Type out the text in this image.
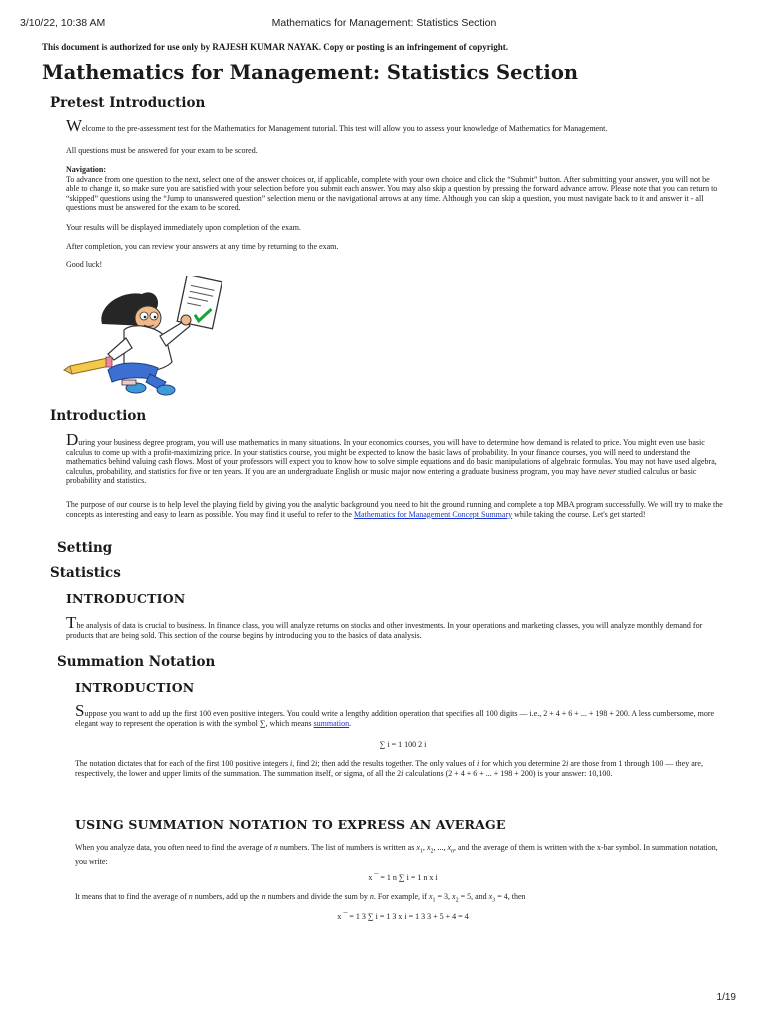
3/10/22, 10:38 AM	Mathematics for Management: Statistics Section
This document is authorized for use only by RAJESH KUMAR NAYAK. Copy or posting is an infringement of copyright.
Mathematics for Management: Statistics Section
Pretest Introduction

Welcome to the pre-assessment test for the Mathematics for Management tutorial. This test will allow you to assess your knowledge of Mathematics for Management.

All questions must be answered for your exam to be scored.

Navigation:
To advance from one question to the next, select one of the answer choices or, if applicable, complete with your own choice and click the “Submit” button. After submitting your answer, you will not be able to change it, so make sure you are satisfied with your selection before you submit each answer. You may also skip a question by pressing the forward advance arrow. Please note that you can return to “skipped” questions using the “Jump to unanswered question” selection menu or the navigational arrows at any time. Although you can skip a question, you must navigate back to it and answer it - all questions must be answered for the exam to be scored.

Your results will be displayed immediately upon completion of the exam.

After completion, you can review your answers at any time by returning to the exam.

Good luck!

Introduction

During your business degree program, you will use mathematics in many situations. In your economics courses, you will have to determine how demand is related to price. You might even use basic calculus to come up with a profit-maximizing price. In your statistics course, you might be expected to know the basic laws of probability. In your finance courses, you will need to understand the mathematics behind valuing cash flows. Most of your professors will expect you to know how to solve simple equations and do basic manipulations of algebraic formulas. You may not have used algebra, calculus, probability, and statistics for five or ten years. If you are an undergraduate English or music major now entering a graduate business program, you may have never studied calculus or basic probability and statistics.

The purpose of our course is to help level the playing field by giving you the analytic background you need to hit the ground running and complete a top MBA program successfully. We will try to make the concepts as interesting and easy to learn as possible. You may find it useful to refer to the Mathematics for Management Concept Summary while taking the course. Let's get started!

Setting
Statistics
INTRODUCTION

The analysis of data is crucial to business. In finance class, you will analyze returns on stocks and other investments. In your operations and marketing classes, you will analyze monthly demand for products that are being sold. This section of the course begins by introducing you to the basics of data analysis.

Summation Notation
INTRODUCTION

Suppose you want to add up the first 100 even positive integers. You could write a lengthy addition operation that specifies all 100 digits — i.e., 2 + 4 + 6 + ... + 198 + 200. A less cumbersome, more elegant way to represent the operation is with the symbol ∑, which means summation.

∑ i = 1 100 2 i

The notation dictates that for each of the first 100 positive integers i, find 2i; then add the results together. The only values of i for which you determine 2i are those from 1 through 100 — they are, respectively, the lower and upper limits of the summation. The summation itself, or sigma, of all the 2i calculations (2 + 4 + 6 + ... + 198 + 200) is your answer: 10,100.

USING SUMMATION NOTATION TO EXPRESS AN AVERAGE

When you analyze data, you often need to find the average of n numbers. The list of numbers is written as $x_1$, $x_2$, ..., $x_n$, and the average of them is written with the x-bar symbol. In summation notation, you write:

x ¯ = 1 n ∑ i = 1 n x i

It means that to find the average of n numbers, add up the n numbers and divide the sum by n. For example, if $x_1 = 3$, $x_2 = 5$, and $x_3 = 4$, then

x ¯ = 1 3 ∑ i = 1 3 x i = 1 3 3 + 5 + 4 = 4

1/19
